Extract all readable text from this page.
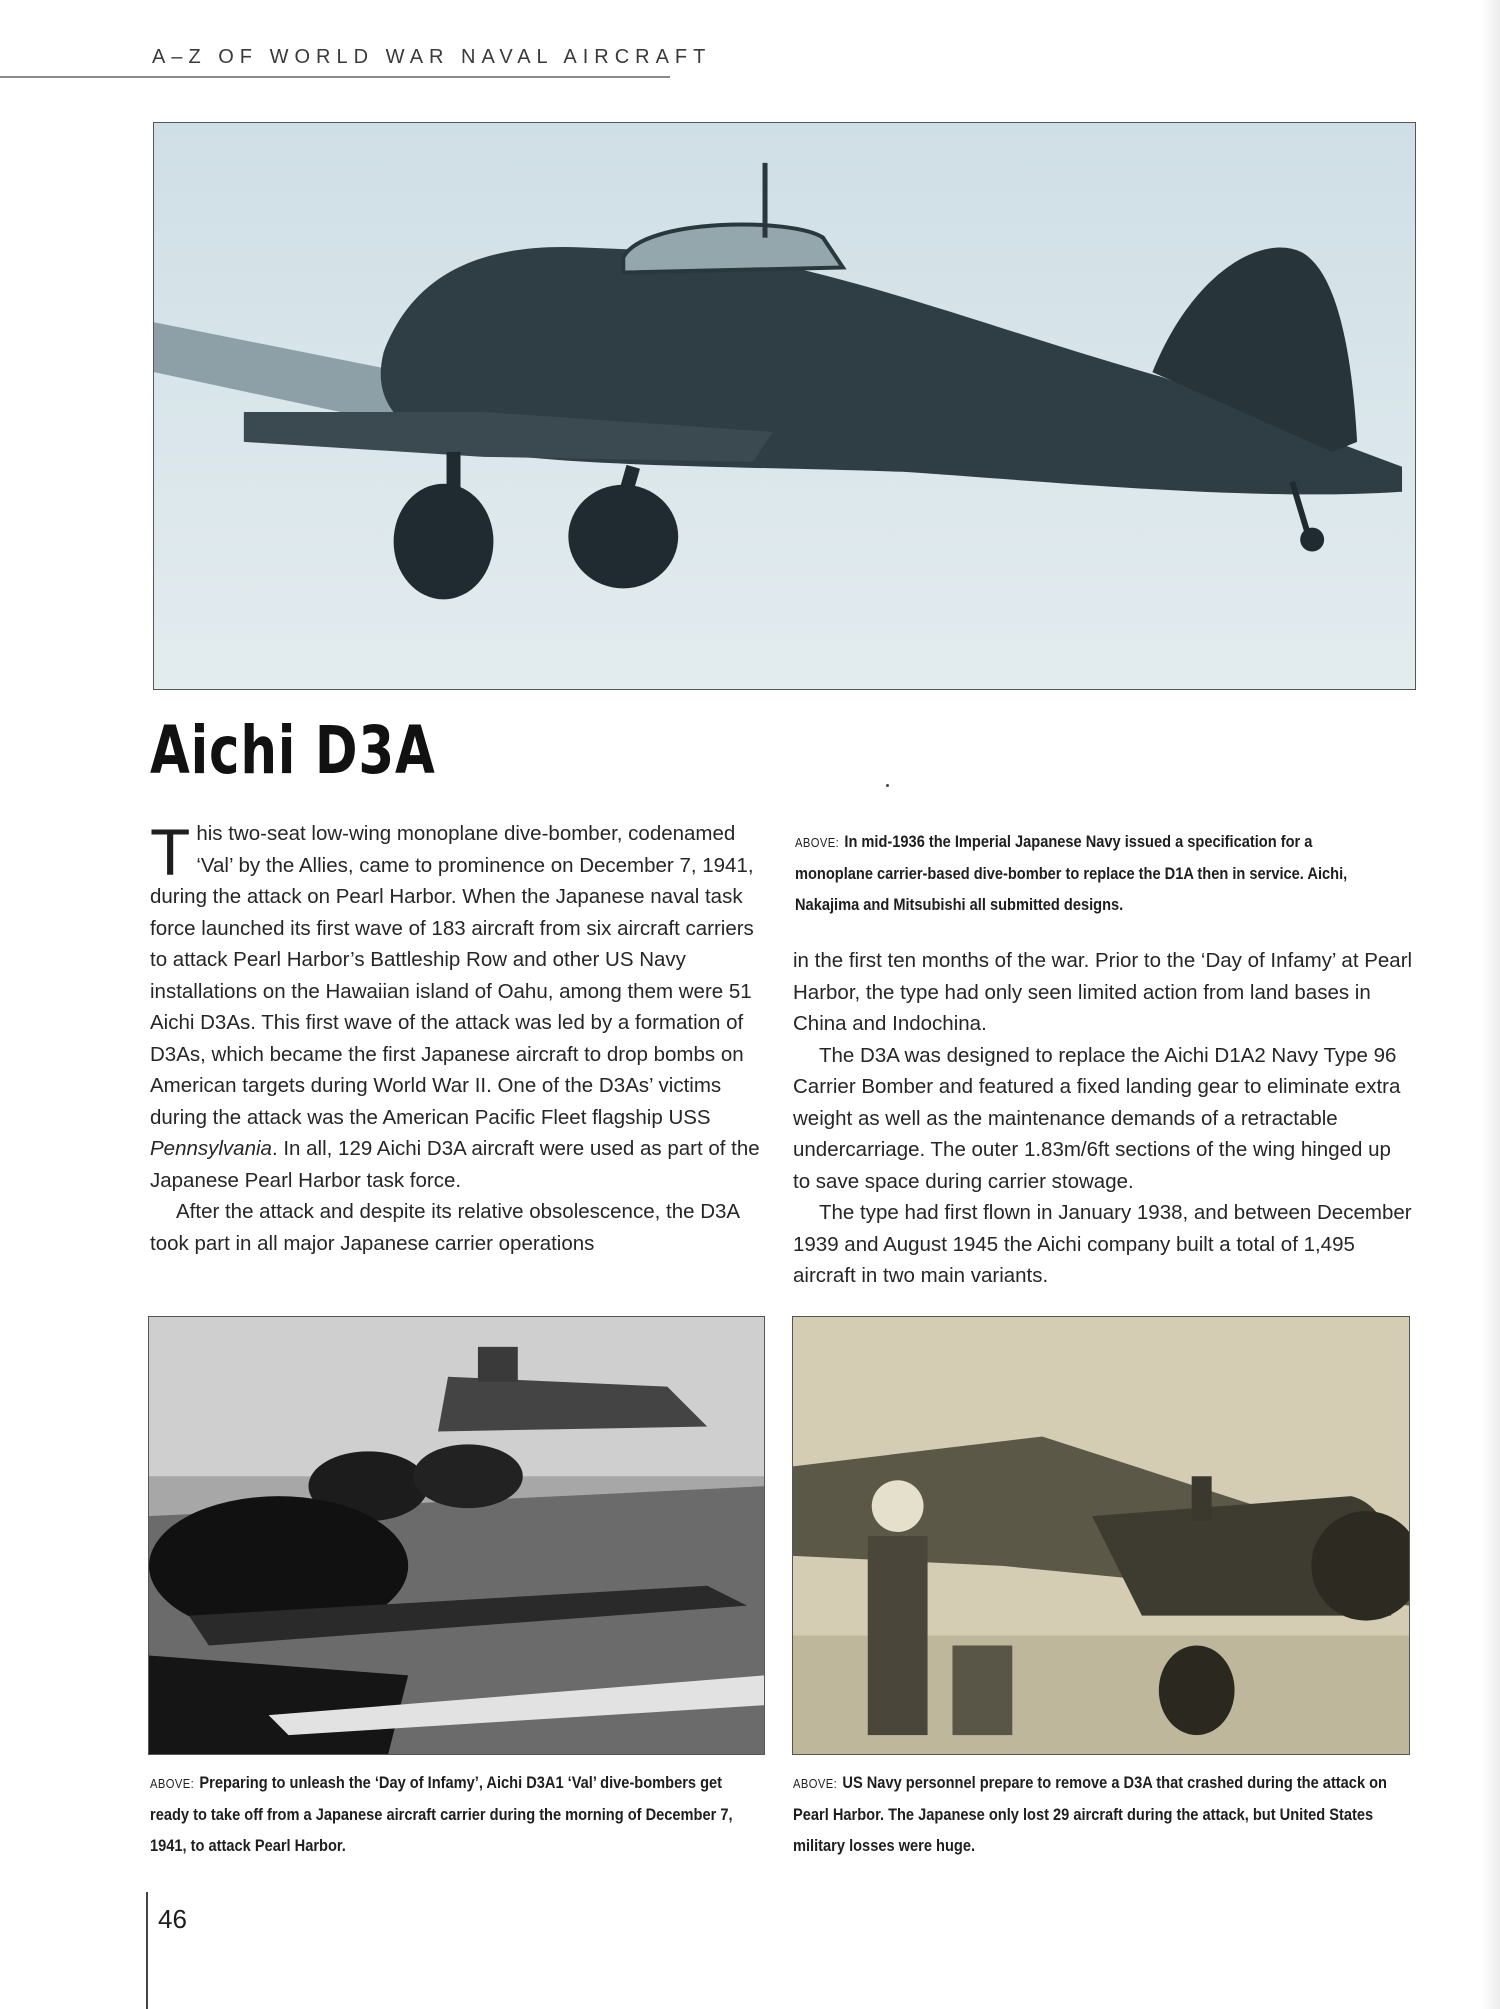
A–Z OF WORLD WAR NAVAL AIRCRAFT
Aichi D3A
ABOVE: In mid-1936 the Imperial Japanese Navy issued a specification for a monoplane carrier-based dive-bomber to replace the D1A then in service. Aichi, Nakajima and Mitsubishi all submitted designs.

This two-seat low-wing monoplane dive-bomber, codenamed ‘Val’ by the Allies, came to prominence on December 7, 1941, during the attack on Pearl Harbor. When the Japanese naval task force launched its first wave of 183 aircraft from six aircraft carriers to attack Pearl Harbor’s Battleship Row and other US Navy installations on the Hawaiian island of Oahu, among them were 51 Aichi D3As. This first wave of the attack was led by a formation of D3As, which became the first Japanese aircraft to drop bombs on American targets during World War II. One of the D3As’ victims during the attack was the American Pacific Fleet flagship USS Pennsylvania. In all, 129 Aichi D3A aircraft were used as part of the Japanese Pearl Harbor task force.

After the attack and despite its relative obsolescence, the D3A took part in all major Japanese carrier operations

in the first ten months of the war. Prior to the ‘Day of Infamy’ at Pearl Harbor, the type had only seen limited action from land bases in China and Indochina.

The D3A was designed to replace the Aichi D1A2 Navy Type 96 Carrier Bomber and featured a fixed landing gear to eliminate extra weight as well as the maintenance demands of a retractable undercarriage. The outer 1.83m/6ft sections of the wing hinged up to save space during carrier stowage.

The type had first flown in January 1938, and between December 1939 and August 1945 the Aichi company built a total of 1,495 aircraft in two main variants.

ABOVE: Preparing to unleash the ‘Day of Infamy’, Aichi D3A1 ‘Val’ dive-bombers get ready to take off from a Japanese aircraft carrier during the morning of December 7, 1941, to attack Pearl Harbor.
ABOVE: US Navy personnel prepare to remove a D3A that crashed during the attack on Pearl Harbor. The Japanese only lost 29 aircraft during the attack, but United States military losses were huge.
46
